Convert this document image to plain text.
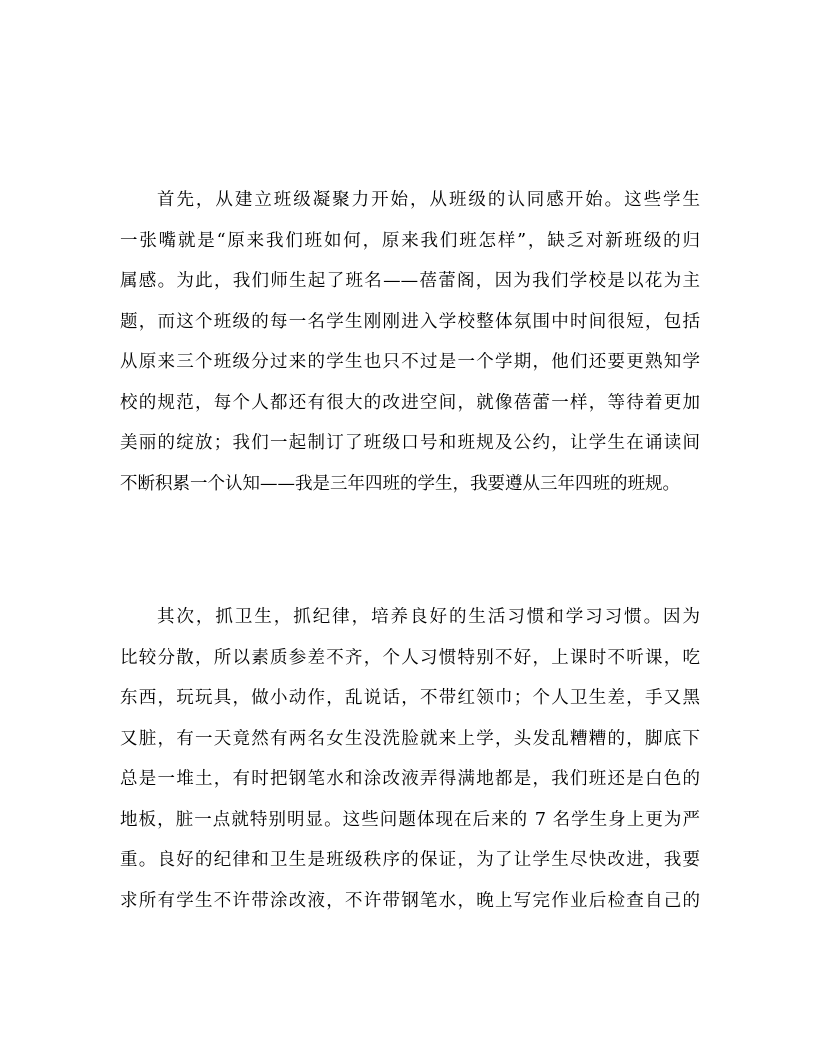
首先，从建立班级凝聚力开始，从班级的认同感开始。这些学生
一张嘴就是“原来我们班如何，原来我们班怎样”，缺乏对新班级的归
属感。为此，我们师生起了班名——蓓蕾阁，因为我们学校是以花为主
题，而这个班级的每一名学生刚刚进入学校整体氛围中时间很短，包括
从原来三个班级分过来的学生也只不过是一个学期，他们还要更熟知学
校的规范，每个人都还有很大的改进空间，就像蓓蕾一样，等待着更加
美丽的绽放；我们一起制订了班级口号和班规及公约，让学生在诵读间
不断积累一个认知——我是三年四班的学生，我要遵从三年四班的班规。
其次，抓卫生，抓纪律，培养良好的生活习惯和学习习惯。因为
比较分散，所以素质参差不齐，个人习惯特别不好，上课时不听课，吃
东西，玩玩具，做小动作，乱说话，不带红领巾；个人卫生差，手又黑
又脏，有一天竟然有两名女生没洗脸就来上学，头发乱糟糟的，脚底下
总是一堆土，有时把钢笔水和涂改液弄得满地都是，我们班还是白色的
地板，脏一点就特别明显。这些问题体现在后来的 7 名学生身上更为严
重。良好的纪律和卫生是班级秩序的保证，为了让学生尽快改进，我要
求所有学生不许带涂改液，不许带钢笔水，晚上写完作业后检查自己的
